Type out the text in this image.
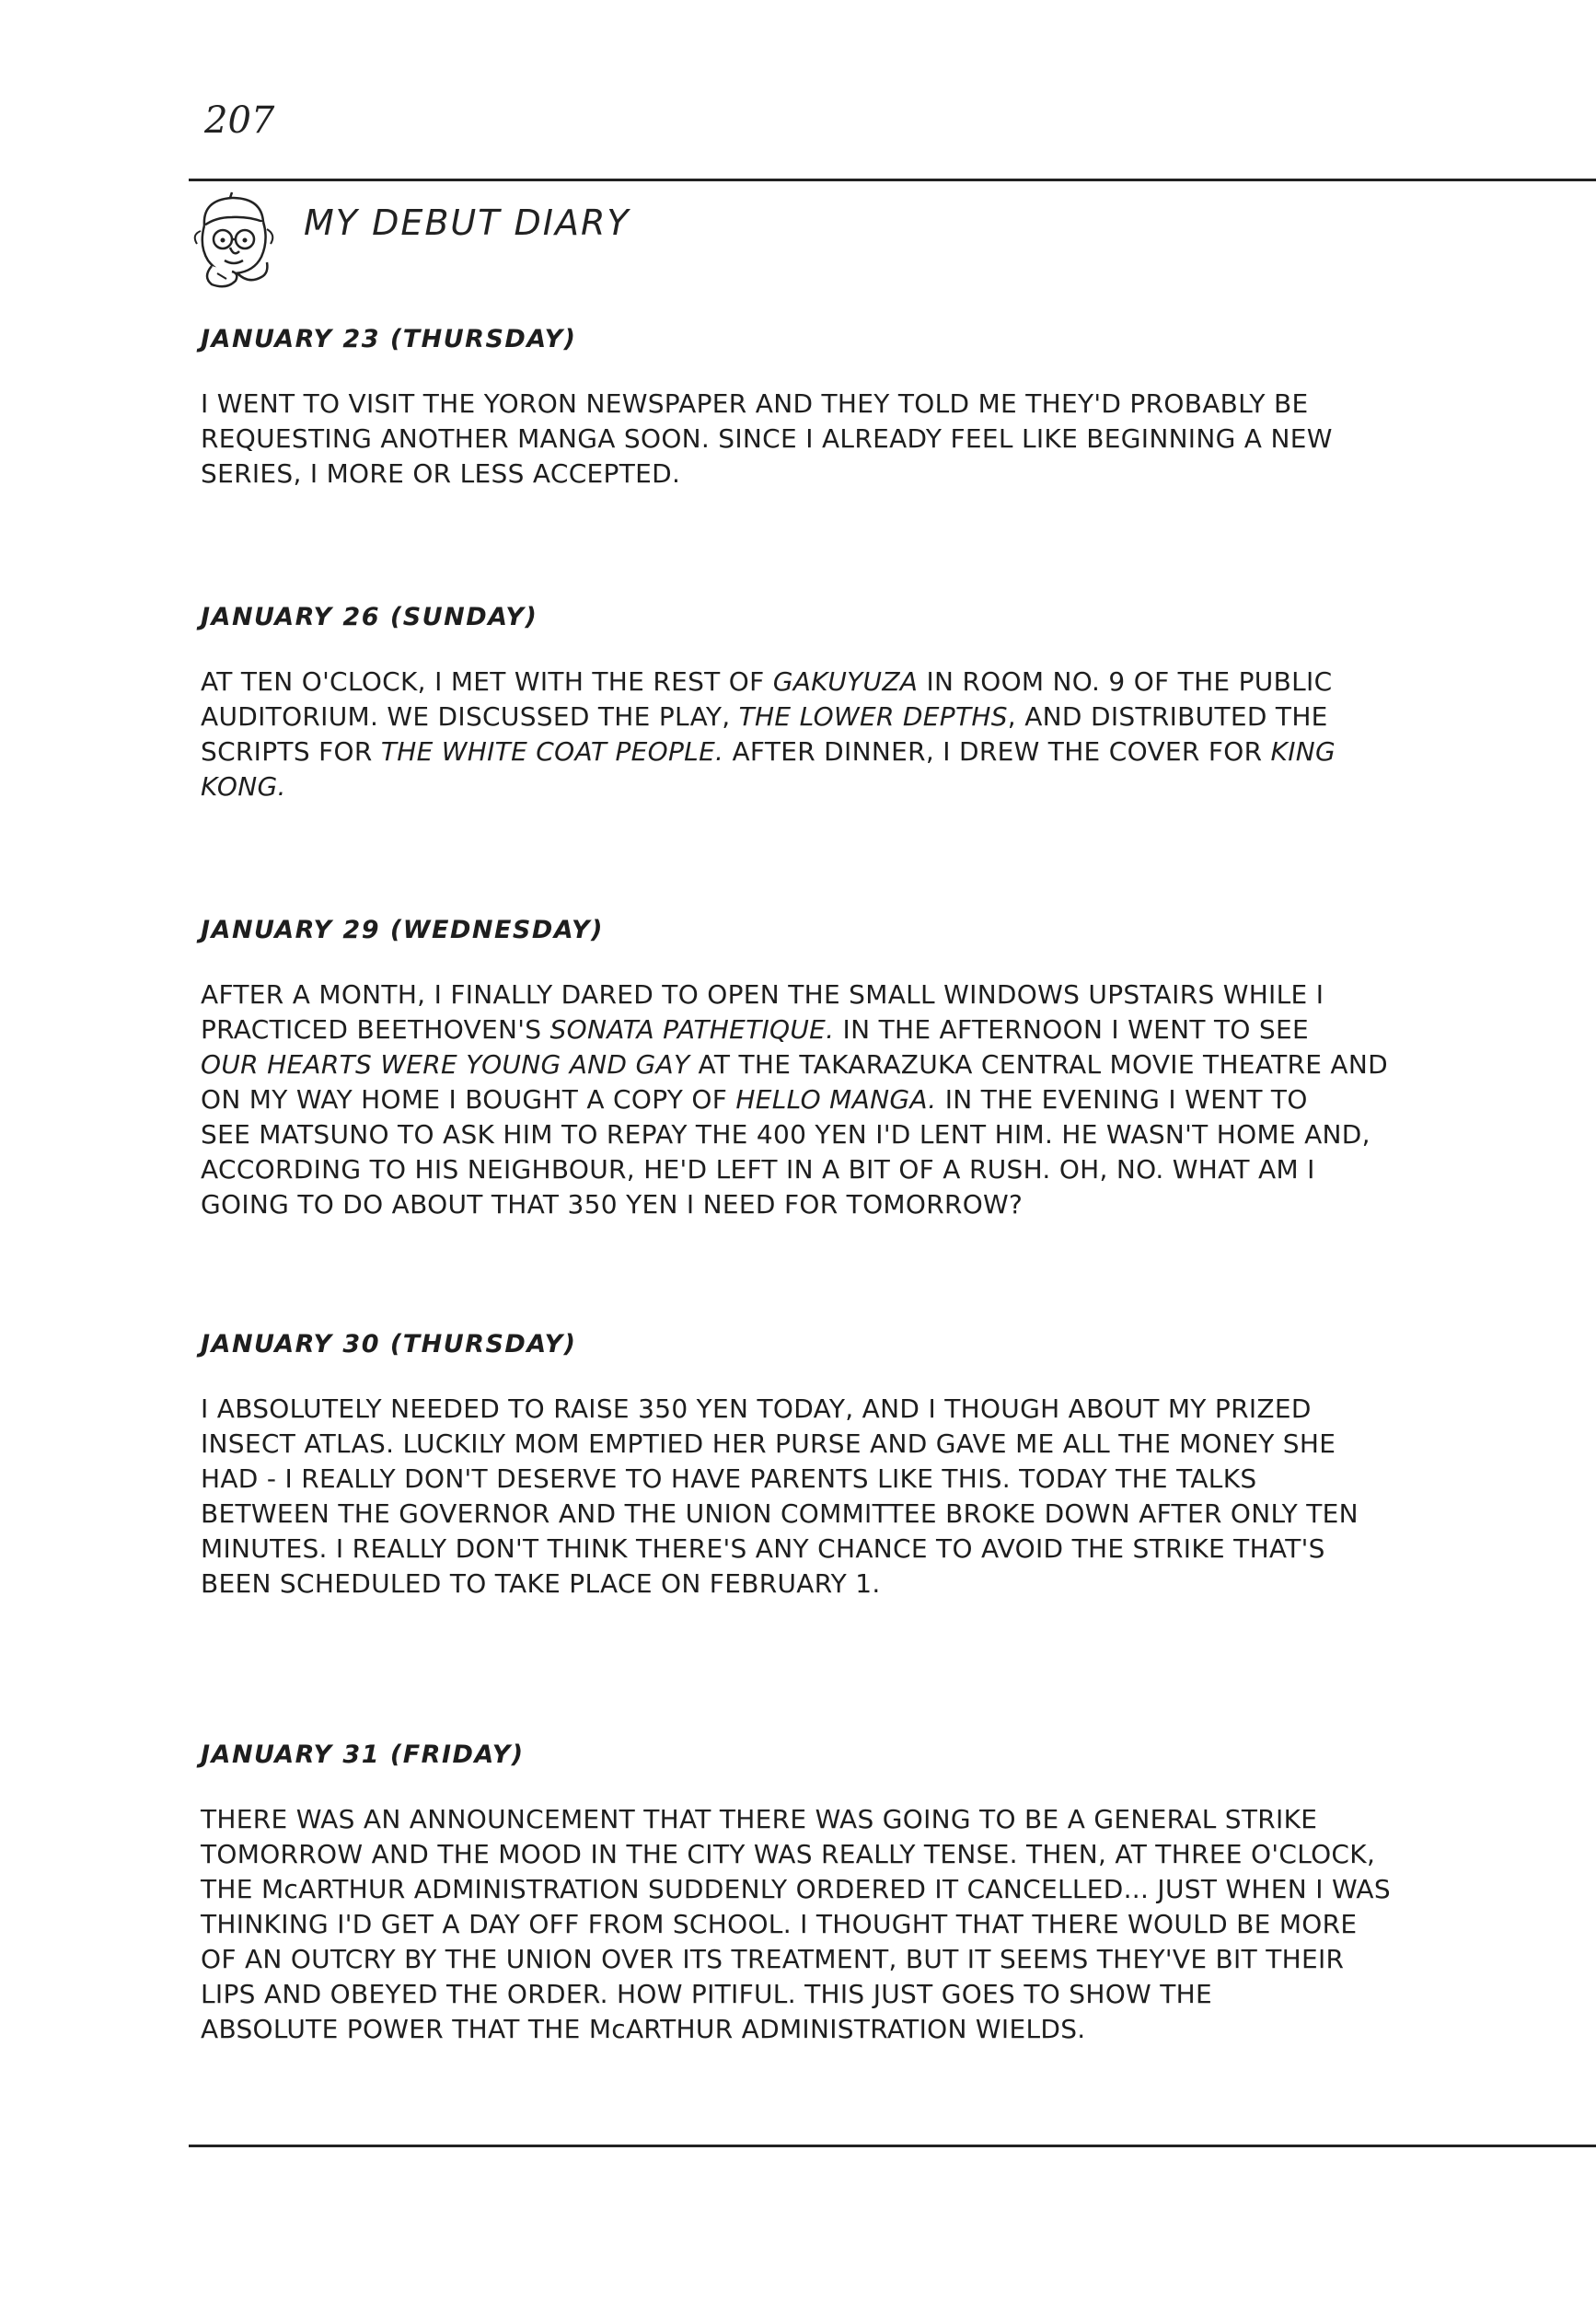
207
MY DEBUT DIARY
JANUARY 23 (THURSDAY)

I WENT TO VISIT THE YORON NEWSPAPER AND THEY TOLD ME THEY'D PROBABLY BE
REQUESTING ANOTHER MANGA SOON. SINCE I ALREADY FEEL LIKE BEGINNING A NEW
SERIES, I MORE OR LESS ACCEPTED.

JANUARY 26 (SUNDAY)

AT TEN O'CLOCK, I MET WITH THE REST OF GAKUYUZA IN ROOM NO. 9 OF THE PUBLIC
AUDITORIUM. WE DISCUSSED THE PLAY, THE LOWER DEPTHS, AND DISTRIBUTED THE
SCRIPTS FOR THE WHITE COAT PEOPLE. AFTER DINNER, I DREW THE COVER FOR KING
KONG.

JANUARY 29 (WEDNESDAY)

AFTER A MONTH, I FINALLY DARED TO OPEN THE SMALL WINDOWS UPSTAIRS WHILE I
PRACTICED BEETHOVEN'S SONATA PATHETIQUE. IN THE AFTERNOON I WENT TO SEE
OUR HEARTS WERE YOUNG AND GAY AT THE TAKARAZUKA CENTRAL MOVIE THEATRE AND
ON MY WAY HOME I BOUGHT A COPY OF HELLO MANGA. IN THE EVENING I WENT TO
SEE MATSUNO TO ASK HIM TO REPAY THE 400 YEN I'D LENT HIM. HE WASN'T HOME AND,
ACCORDING TO HIS NEIGHBOUR, HE'D LEFT IN A BIT OF A RUSH. OH, NO. WHAT AM I
GOING TO DO ABOUT THAT 350 YEN I NEED FOR TOMORROW?

JANUARY 30 (THURSDAY)

I ABSOLUTELY NEEDED TO RAISE 350 YEN TODAY, AND I THOUGH ABOUT MY PRIZED
INSECT ATLAS. LUCKILY MOM EMPTIED HER PURSE AND GAVE ME ALL THE MONEY SHE
HAD - I REALLY DON'T DESERVE TO HAVE PARENTS LIKE THIS. TODAY THE TALKS
BETWEEN THE GOVERNOR AND THE UNION COMMITTEE BROKE DOWN AFTER ONLY TEN
MINUTES. I REALLY DON'T THINK THERE'S ANY CHANCE TO AVOID THE STRIKE THAT'S
BEEN SCHEDULED TO TAKE PLACE ON FEBRUARY 1.

JANUARY 31 (FRIDAY)

THERE WAS AN ANNOUNCEMENT THAT THERE WAS GOING TO BE A GENERAL STRIKE
TOMORROW AND THE MOOD IN THE CITY WAS REALLY TENSE. THEN, AT THREE O'CLOCK,
THE McARTHUR ADMINISTRATION SUDDENLY ORDERED IT CANCELLED... JUST WHEN I WAS
THINKING I'D GET A DAY OFF FROM SCHOOL. I THOUGHT THAT THERE WOULD BE MORE
OF AN OUTCRY BY THE UNION OVER ITS TREATMENT, BUT IT SEEMS THEY'VE BIT THEIR
LIPS AND OBEYED THE ORDER. HOW PITIFUL. THIS JUST GOES TO SHOW THE
ABSOLUTE POWER THAT THE McARTHUR ADMINISTRATION WIELDS.
